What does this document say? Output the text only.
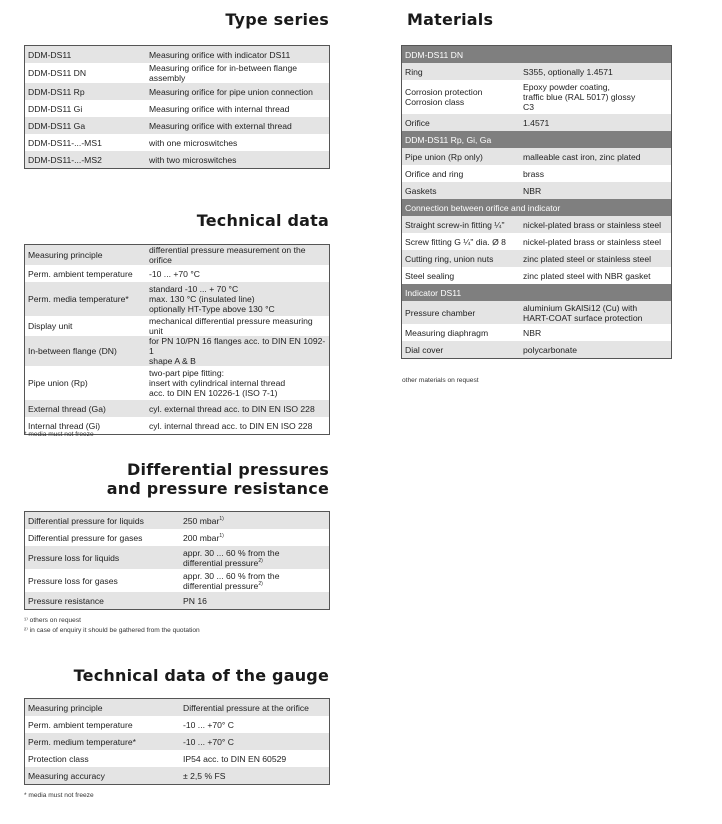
Type series	Materials
Technical data
Differential pressures
and pressure resistance
Technical data of the gauge
DDM-DS11	Measuring orifice with indicator DS11
DDM-DS11 DN	Measuring orifice for in-between flange assembly
DDM-DS11 Rp	Measuring orifice for pipe union connection
DDM-DS11 Gi	Measuring orifice with internal thread
DDM-DS11 Ga	Measuring orifice with external thread
DDM-DS11-...-MS1	with one microswitches
DDM-DS11-...-MS2	with two microswitches
Measuring principle	differential pressure measurement on the orifice
Perm. ambient temperature	-10 ... +70 °C
Perm. media temperature*	standard -10 ... + 70 °C
max. 130 °C (insulated line)
optionally HT-Type above 130 °C
Display unit	mechanical differential pressure measuring unit
In-between flange (DN)	for PN 10/PN 16 flanges acc. to DIN EN 1092-1
shape A & B
Pipe union (Rp)	two-part pipe fitting:
insert with cylindrical internal thread
acc. to DIN EN 10226-1 (ISO 7-1)
External thread (Ga)	cyl. external thread acc. to DIN EN ISO 228
Internal thread (Gi)	cyl. internal thread acc. to DIN EN ISO 228
* media must not freeze
Differential pressure for liquids	250 mbar$^{1)}$
Differential pressure for gases	200 mbar$^{1)}$
Pressure loss for liquids	appr. 30 ... 60 % from the
differential pressure$^{2)}$
Pressure loss for gases	appr. 30 ... 60 % from the
differential pressure$^{2)}$
Pressure resistance	PN 16
¹⁾ others on request
²⁾ in case of enquiry it should be gathered from the quotation
Measuring principle	Differential pressure at the orifice
Perm. ambient temperature	-10 ... +70° C
Perm. medium temperature*	-10 ... +70° C
Protection class	IP54 acc. to DIN EN 60529
Measuring accuracy	± 2,5 % FS
* media must not freeze
DDM-DS11 DN	
Ring	S355, optionally 1.4571
Corrosion protection
Corrosion class	Epoxy powder coating,
traffic blue (RAL 5017) glossy
C3
Orifice	1.4571
DDM-DS11 Rp, Gi, Ga	
Pipe union (Rp only)	malleable cast iron, zinc plated
Orifice and ring	brass
Gaskets	NBR
Connection between orifice and indicator	
Straight screw-in fitting ¼"	nickel-plated brass or stainless steel
Screw fitting G ¼" dia. Ø 8	nickel-plated brass or stainless steel
Cutting ring, union nuts	zinc plated steel or stainless steel
Steel sealing	zinc plated steel with NBR gasket
Indicator DS11	
Pressure chamber	aluminium GkAlSi12 (Cu) with
HART-COAT surface protection
Measuring diaphragm	NBR
Dial cover	polycarbonate
other materials on request
